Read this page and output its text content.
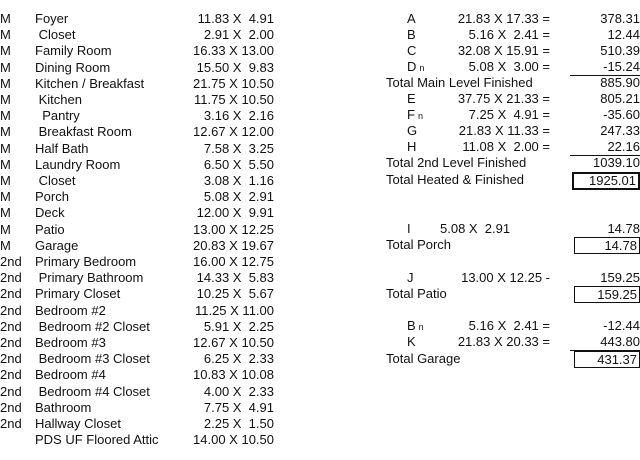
M Foyer	11.83 X  4.91
M Closet	2.91 X  2.00
M Family Room	16.33 X 13.00
M Dining Room	15.50 X  9.83
M Kitchen / Breakfast	21.75 X 10.50
M Kitchen	11.75 X 10.50
M Pantry	3.16 X  2.16
M Breakfast Room	12.67 X 12.00
M Half Bath	7.58 X  3.25
M Laundry Room	6.50 X  5.50
M Closet	3.08 X  1.16
M Porch	5.08 X  2.91
M Deck	12.00 X  9.91
M Patio	13.00 X 12.25
M Garage	20.83 X 19.67
2nd Primary Bedroom	16.00 X 12.75
2nd Primary Bathroom	14.33 X  5.83
2nd Primary Closet	10.25 X  5.67
2nd Bedroom #2	11.25 X 11.00
2nd Bedroom #2 Closet	5.91 X  2.25
2nd Bedroom #3	12.67 X 10.50
2nd Bedroom #3 Closet	6.25 X  2.33
2nd Bedroom #4	10.83 X 10.08
2nd Bedroom #4 Closet	4.00 X  2.33
2nd Bathroom	7.75 X  4.91
2nd Hallway Closet	2.25 X  1.50
PDS UF Floored Attic	14.00 X 10.50
A	21.83 X 17.33 =	378.31
B	5.16 X  2.41 =	12.44
C	32.08 X 15.91 =	510.39
D n	5.08 X  3.00 =	-15.24
Total Main Level Finished	885.90
E	37.75 X 21.33 =	805.21
F n	7.25 X  4.91 =	-35.60
G	21.83 X 11.33 =	247.33
H	11.08 X  2.00 =	22.16
Total 2nd Level Finished	1039.10
Total Heated & Finished	1925.01
I	5.08 X  2.91	14.78
Total Porch	14.78
J	13.00 X 12.25 -	159.25
Total Patio	159.25
B n	5.16 X  2.41 =	-12.44
K	21.83 X 20.33 =	443.80
Total Garage	431.37
